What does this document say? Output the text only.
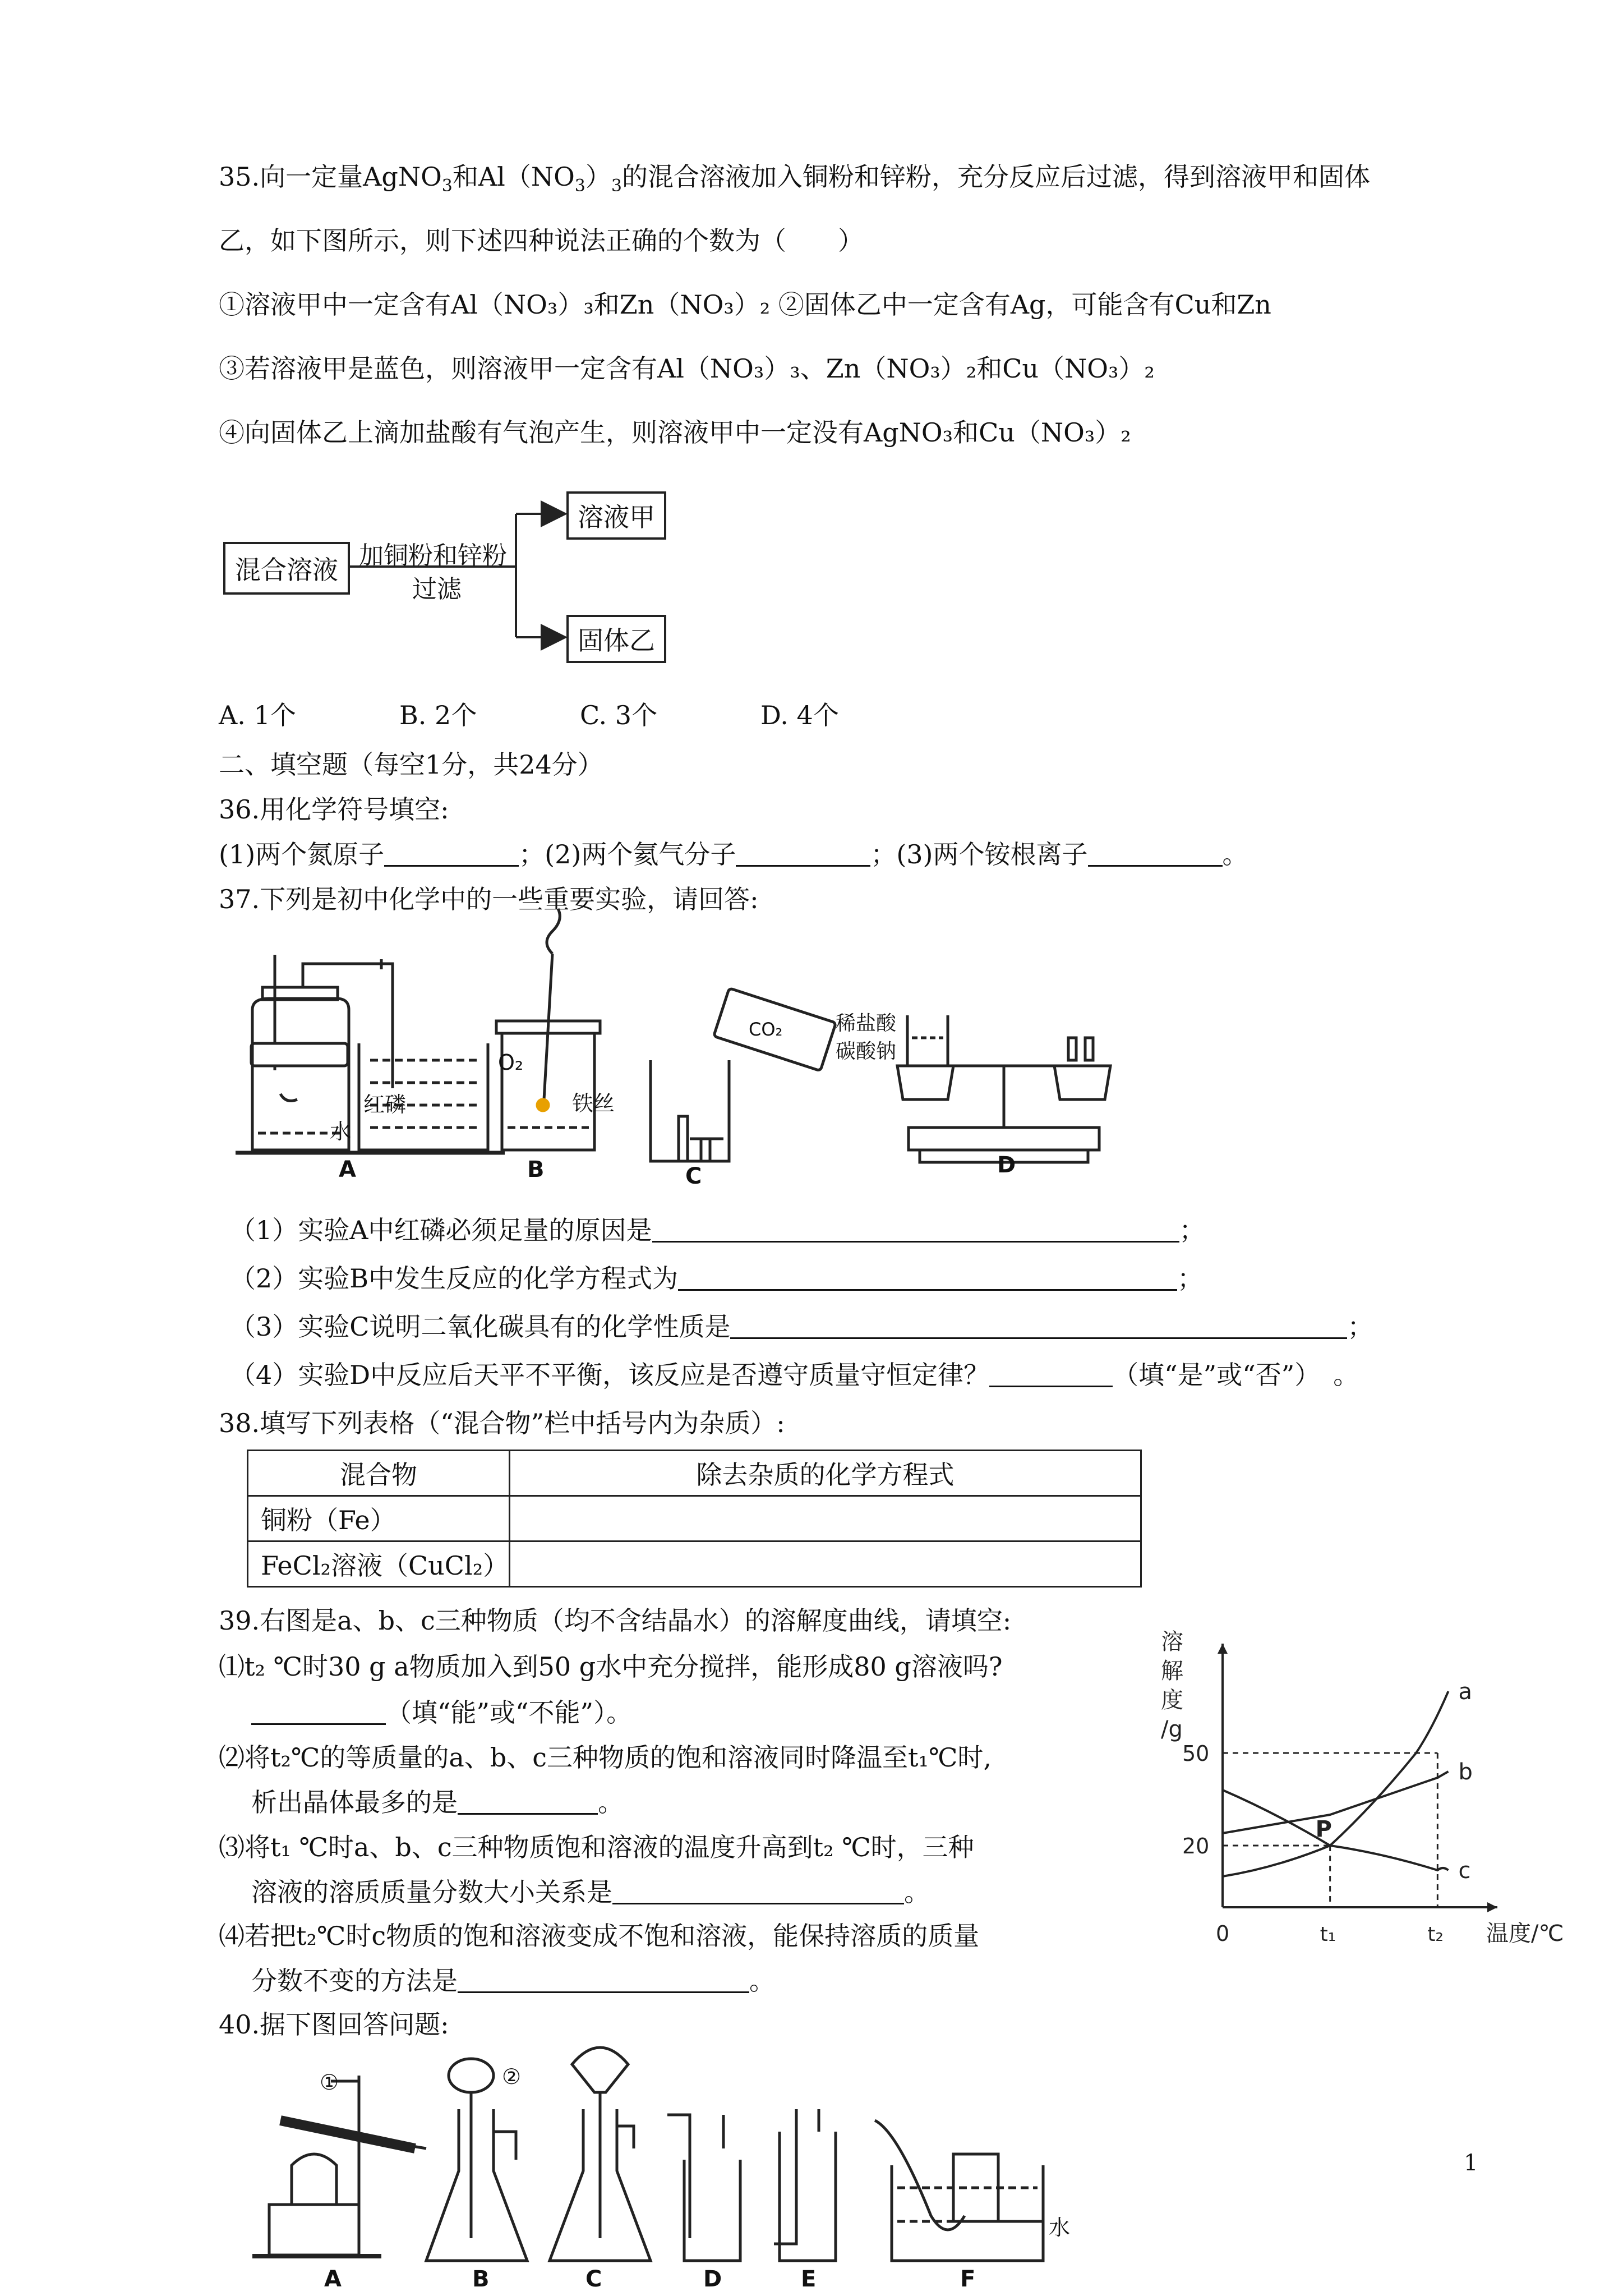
35.向一定量AgNO$_3$和$Al(NO_3)_3$的混合溶液加入铜粉和锌粉，充分反应后过滤，得到溶液甲和固体
乙，如下图所示，则下述四种说法正确的个数为（　　）
①溶液甲中一定含有Al（NO₃）₃和Zn（NO₃）₂ ②固体乙中一定含有Ag，可能含有Cu和Zn
③若溶液甲是蓝色，则溶液甲一定含有Al（NO₃）₃、Zn（NO₃）₂和Cu（NO₃）₂
④向固体乙上滴加盐酸有气泡产生，则溶液甲中一定没有AgNO₃和Cu（NO₃）₂
混合溶液 加铜粉和锌粉
过滤
溶液甲
固体乙
A. 1个	B. 2个	C. 3个	D. 4个
二、填空题（每空1分，共24分）
36.用化学符号填空:
(1)两个氮原子	；(2)两个氦气分子	；(3)两个铵根离子	。
37.下列是初中化学中的一些重要实验，请回答:
红磷
水
O₂
铁丝
CO₂	稀盐酸
碳酸钠
A	B	C	D
（1）实验A中红磷必须足量的原因是	；
（2）实验B中发生反应的化学方程式为	；
（3）实验C说明二氧化碳具有的化学性质是	；
（4）实验D中反应后天平不平衡，该反应是否遵守质量守恒定律？	（填“是”或“否”）　。
38.填写下列表格（“混合物”栏中括号内为杂质）:
混合物	除去杂质的化学方程式
铜粉（Fe）	
FeCl₂溶液（CuCl₂）	
39.右图是a、b、c三种物质（均不含结晶水）的溶解度曲线，请填空:
⑴t₂ ℃时30 g a物质加入到50 g水中充分搅拌，能形成80 g溶液吗?
（填“能”或“不能”）。
⑵将t₂℃的等质量的a、b、c三种物质的饱和溶液同时降温至t₁℃时,
析出晶体最多的是	。
⑶将t₁ ℃时a、b、c三种物质饱和溶液的温度升高到t₂ ℃时，三种
溶液的溶质质量分数大小关系是	。
⑷若把t₂℃时c物质的饱和溶液变成不饱和溶液，能保持溶质的质量
分数不变的方法是	。
溶
解
度
/g
温度/℃
0	t₁	t₂
20
50
a
b
c
P
40.据下图回答问题:
①	②
水
A	B	C	D	E	F
1
